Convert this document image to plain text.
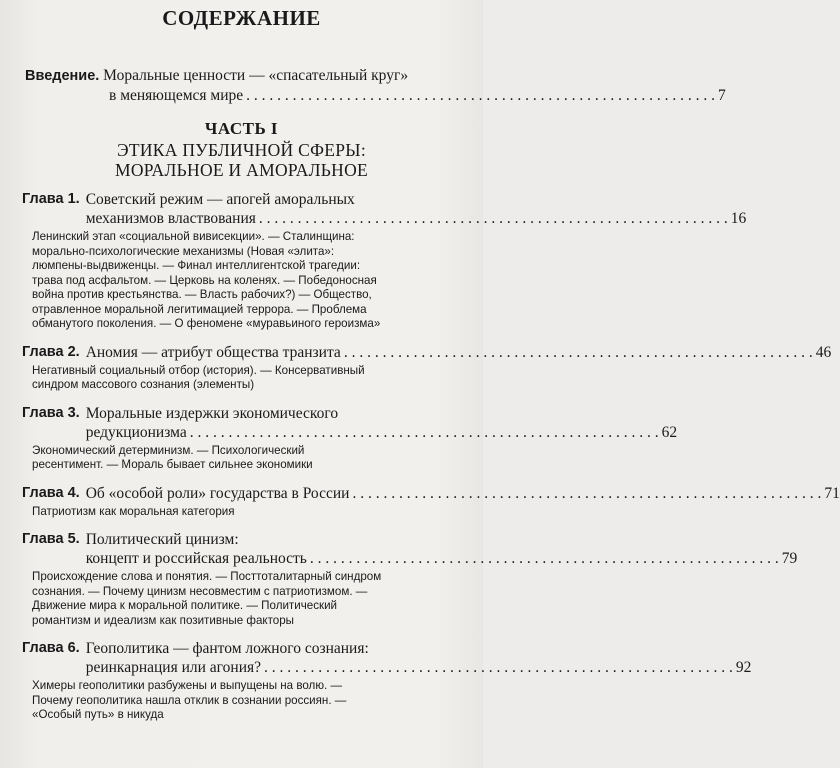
СОДЕРЖАНИЕ
Введение. Моральные ценности — «спасательный круг»
в меняющемся мире . . .	7
ЧАСТЬ I
ЭТИКА ПУБЛИЧНОЙ СФЕРЫ:
МОРАЛЬНОЕ И АМОРАЛЬНОЕ
Глава 1. Советский режим — апогей аморальных
механизмов властвования . . .	16
Ленинский этап «социальной вивисекции». — Сталинщина:
морально-психологические механизмы (Новая «элита»:
люмпены-выдвиженцы. — Финал интеллигентской трагедии:
трава под асфальтом. — Церковь на коленях. — Победоносная
война против крестьянства. — Власть рабочих?) — Общество,
отравленное моральной легитимацией террора. — Проблема
обманутого поколения. — О феномене «муравьиного героизма»
Глава 2. Аномия — атрибут общества транзита . . .	46
Негативный социальный отбор (история). — Консервативный
синдром массового сознания (элементы)
Глава 3. Моральные издержки экономического
редукционизма . . .	62
Экономический детерминизм. — Психологический
ресентимент. — Мораль бывает сильнее экономики
Глава 4. Об «особой роли» государства в России . . .	71
Патриотизм как моральная категория
Глава 5. Политический цинизм:
концепт и российская реальность . . .	79
Происхождение слова и понятия. — Посттоталитарный синдром
сознания. — Почему цинизм несовместим с патриотизмом. —
Движение мира к моральной политике. — Политический
романтизм и идеализм как позитивные факторы
Глава 6. Геополитика — фантом ложного сознания:
реинкарнация или агония? . . .	92
Химеры геополитики разбужены и выпущены на волю. —
Почему геополитика нашла отклик в сознании россиян. —
«Особый путь» в никуда
